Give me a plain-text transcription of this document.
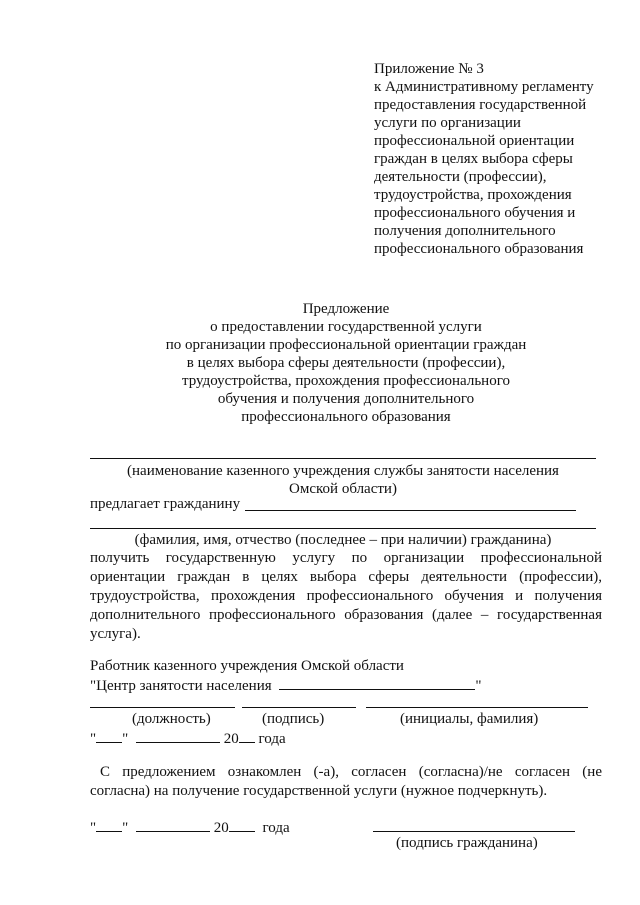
Приложение № 3
к Административному регламенту
предоставления государственной
услуги по организации
профессиональной ориентации
граждан в целях выбора сферы
деятельности (профессии),
трудоустройства, прохождения
профессионального обучения и
получения дополнительного
профессионального образования
Предложение
о предоставлении государственной услуги
по организации профессиональной ориентации граждан
в целях выбора сферы деятельности (профессии),
трудоустройства, прохождения профессионального
обучения и получения дополнительного
профессионального образования
(наименование казенного учреждения службы занятости населения
Омской области)
предлагает гражданину
(фамилия, имя, отчество (последнее – при наличии) гражданина)
получить государственную услугу по организации профессиональной ориентации граждан в целях выбора сферы деятельности (профессии), трудоустройства, прохождения профессионального обучения и получения дополнительного профессионального образования (далее – государственная услуга).
Работник казенного учреждения Омской области
"Центр занятости населения	"
(должность)	(подпись)	(инициалы, фамилия)
" "	20 года
С предложением ознакомлен (-а), согласен (согласна)/не согласен (не согласна) на получение государственной услуги (нужное подчеркнуть).
" "	20 года
(подпись гражданина)
